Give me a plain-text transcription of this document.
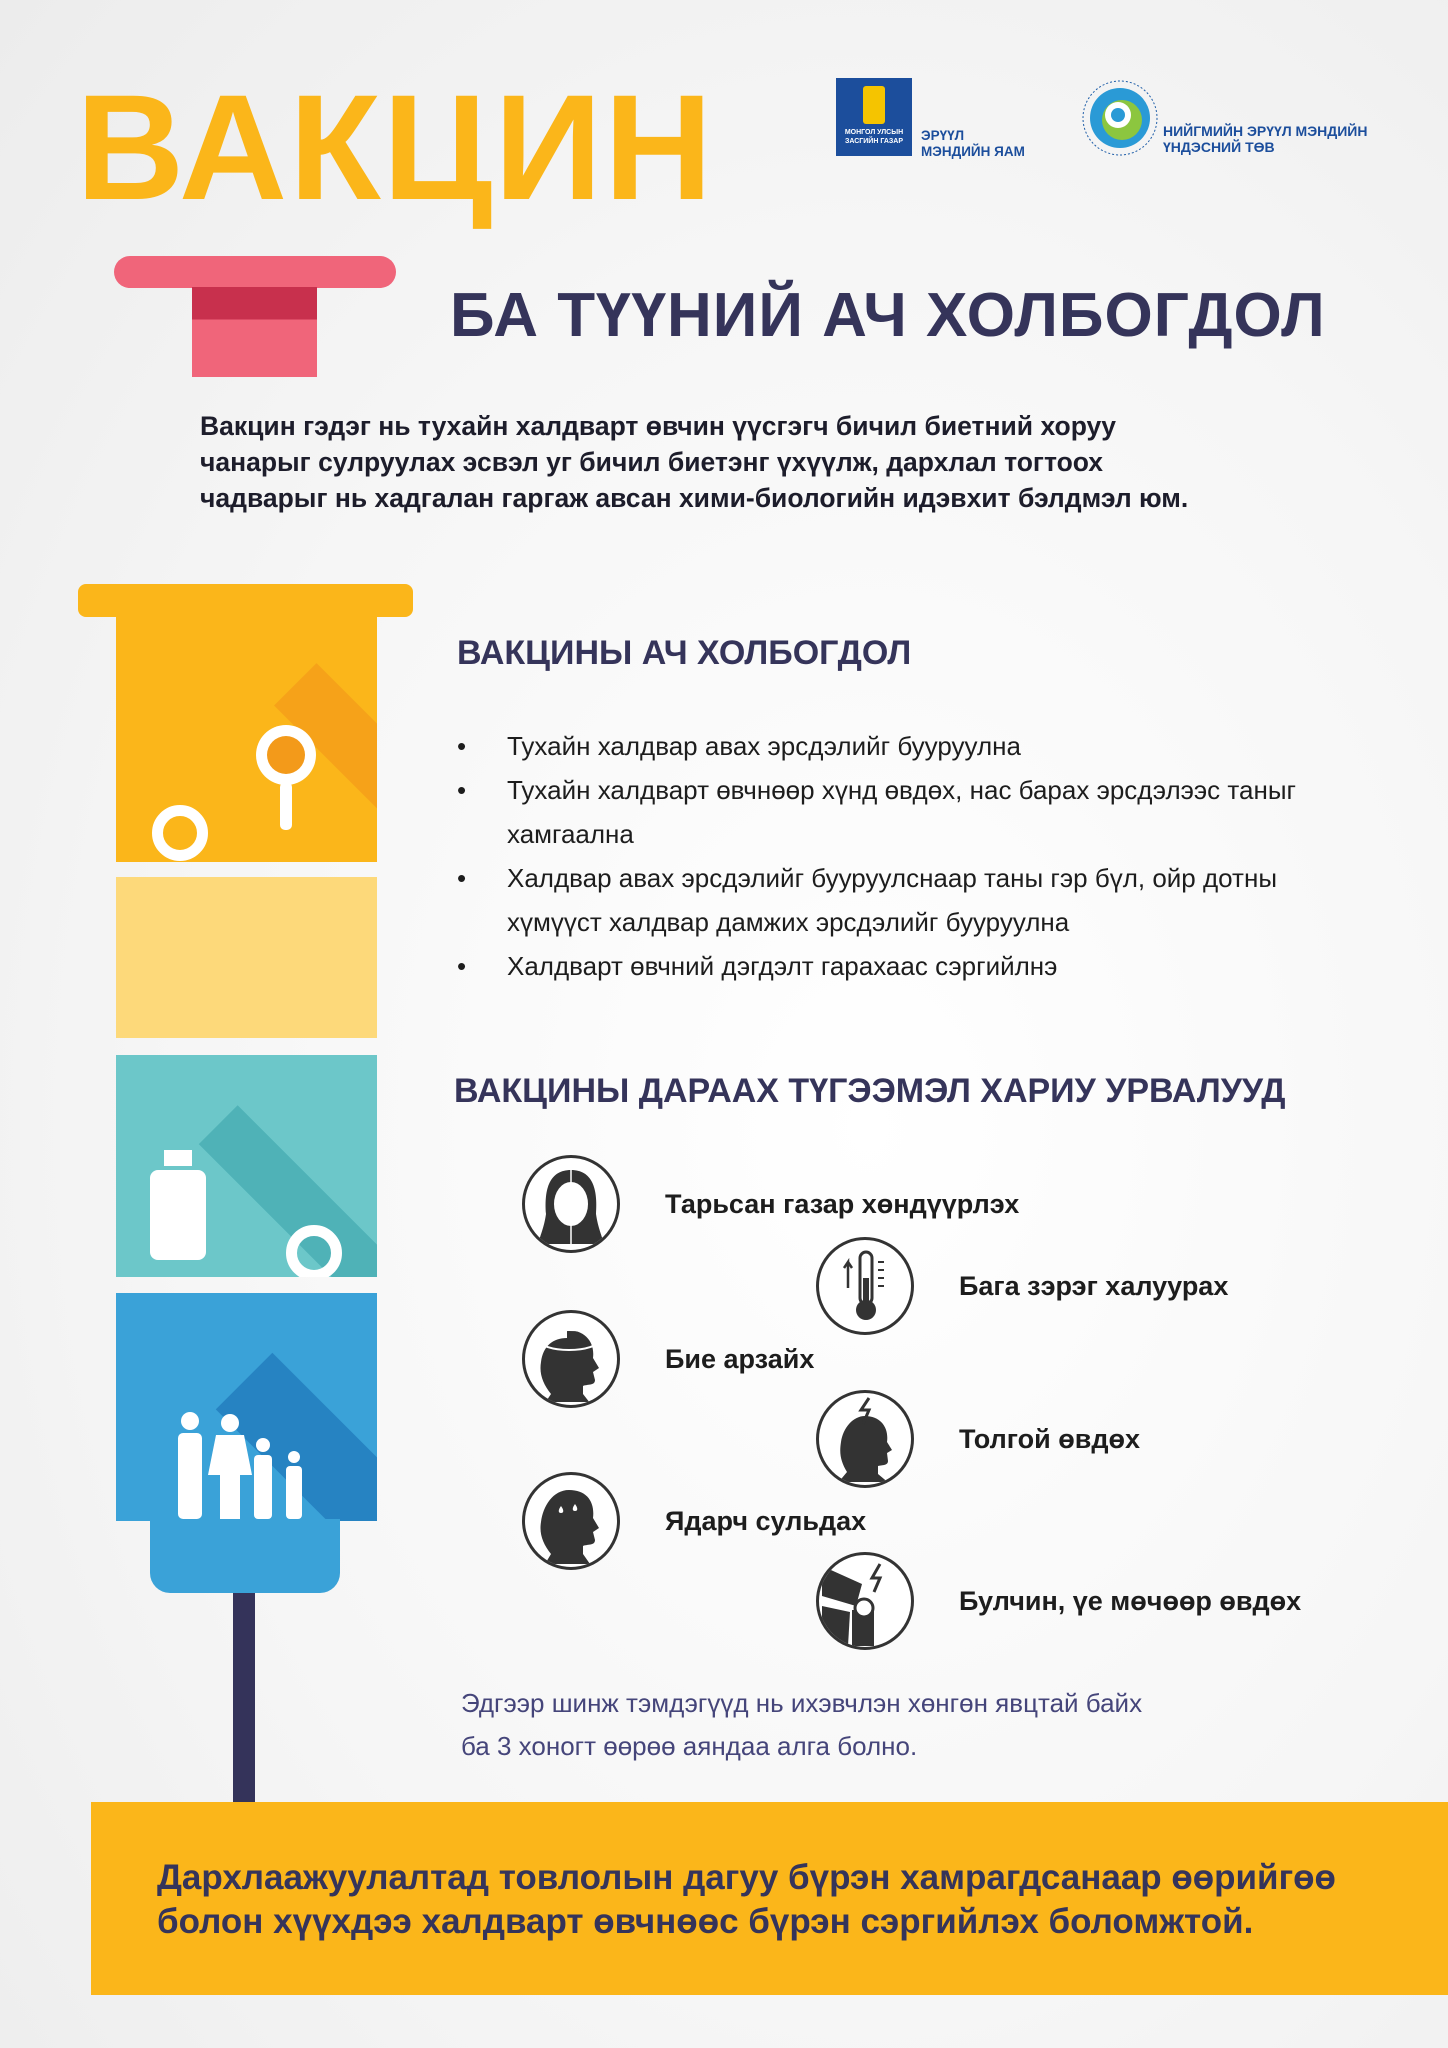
ВАКЦИН
БА ТҮҮНИЙ АЧ ХОЛБОГДОЛ
МОНГОЛ УЛСЫН ЗАСГИЙН ГАЗАР	ЭРҮҮЛ
МЭНДИЙН ЯАМ
НИЙГМИЙН ЭРҮҮЛ МЭНДИЙН
ҮНДЭСНИЙ ТӨВ
Вакцин гэдэг нь тухайн халдварт өвчин үүсгэгч бичил биетний хоруу
чанарыг сулруулах эсвэл уг бичил биетэнг үхүүлж, дархлал тогтоох
чадварыг нь хадгалан гаргаж авсан хими-биологийн идэвхит бэлдмэл юм.
ВАКЦИНЫ АЧ ХОЛБОГДОЛ
• Тухайн халдвар авах эрсдэлийг бууруулна
• Тухайн халдварт өвчнөөр хүнд өвдөх, нас барах эрсдэлээс таныг хамгаална
• Халдвар авах эрсдэлийг бууруулснаар таны гэр бүл, ойр дотны хүмүүст халдвар дамжих эрсдэлийг бууруулна
• Халдварт өвчний дэгдэлт гарахаас сэргийлнэ
ВАКЦИНЫ ДАРААХ ТҮГЭЭМЭЛ ХАРИУ УРВАЛУУД
Тарьсан газар хөндүүрлэх
Бага зэрэг халуурах
Бие арзайх
Толгой өвдөх
Ядарч сульдах
Булчин, үе мөчөөр өвдөх
Эдгээр шинж тэмдэгүүд нь ихэвчлэн хөнгөн явцтай байх
ба 3 хоногт өөрөө аяндаа алга болно.
Дархлаажуулалтад товлолын дагуу бүрэн хамрагдсанаар өөрийгөө
болон хүүхдээ халдварт өвчнөөс бүрэн сэргийлэх боломжтой.
